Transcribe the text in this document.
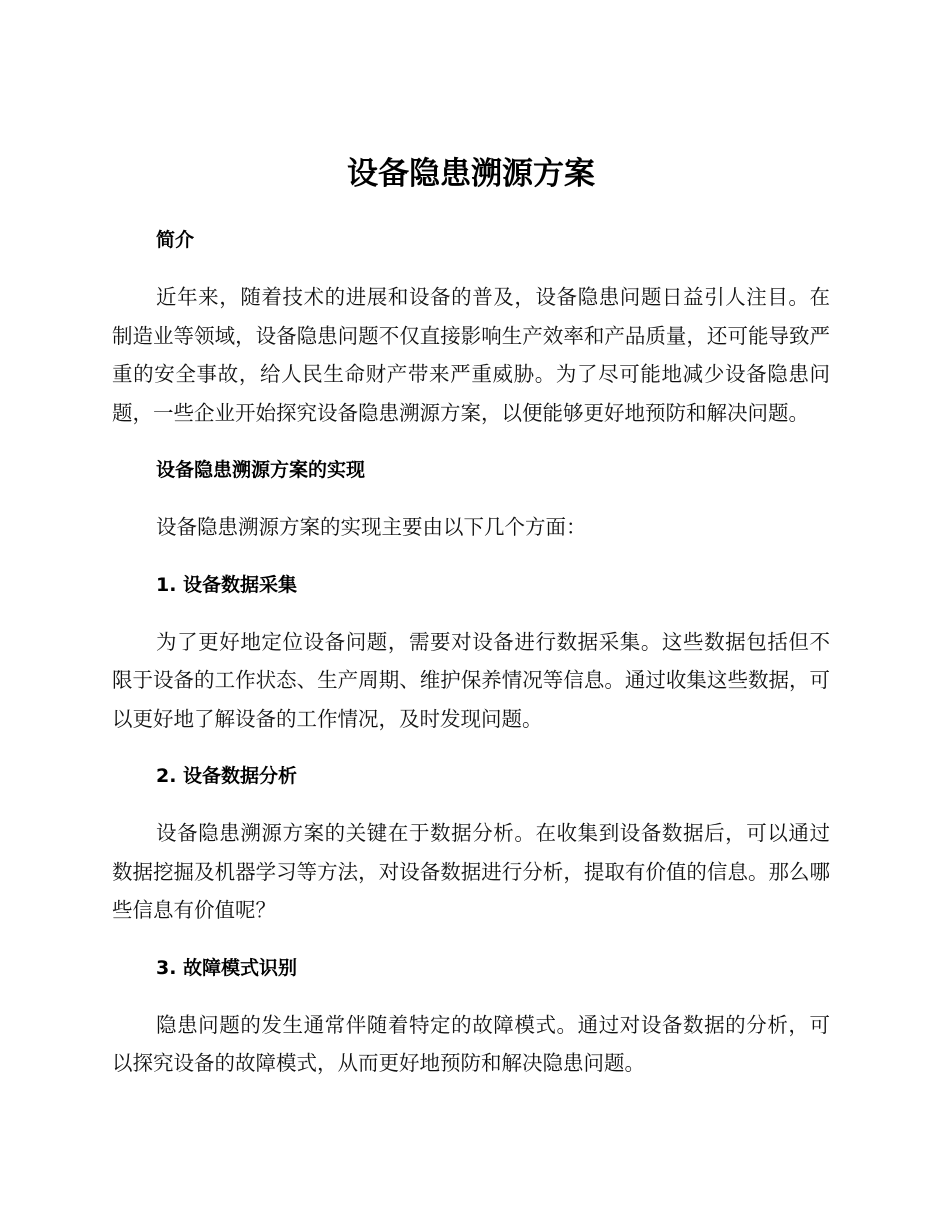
设备隐患溯源方案
简介

近年来，随着技术的进展和设备的普及，设备隐患问题日益引人注目。在制造业等领域，设备隐患问题不仅直接影响生产效率和产品质量，还可能导致严重的安全事故，给人民生命财产带来严重威胁。为了尽可能地减少设备隐患问题，一些企业开始探究设备隐患溯源方案，以便能够更好地预防和解决问题。

设备隐患溯源方案的实现

设备隐患溯源方案的实现主要由以下几个方面：

1. 设备数据采集

为了更好地定位设备问题，需要对设备进行数据采集。这些数据包括但不限于设备的工作状态、生产周期、维护保养情况等信息。通过收集这些数据，可以更好地了解设备的工作情况，及时发现问题。

2. 设备数据分析

设备隐患溯源方案的关键在于数据分析。在收集到设备数据后，可以通过数据挖掘及机器学习等方法，对设备数据进行分析，提取有价值的信息。那么哪些信息有价值呢？

3. 故障模式识别

隐患问题的发生通常伴随着特定的故障模式。通过对设备数据的分析，可以探究设备的故障模式，从而更好地预防和解决隐患问题。
